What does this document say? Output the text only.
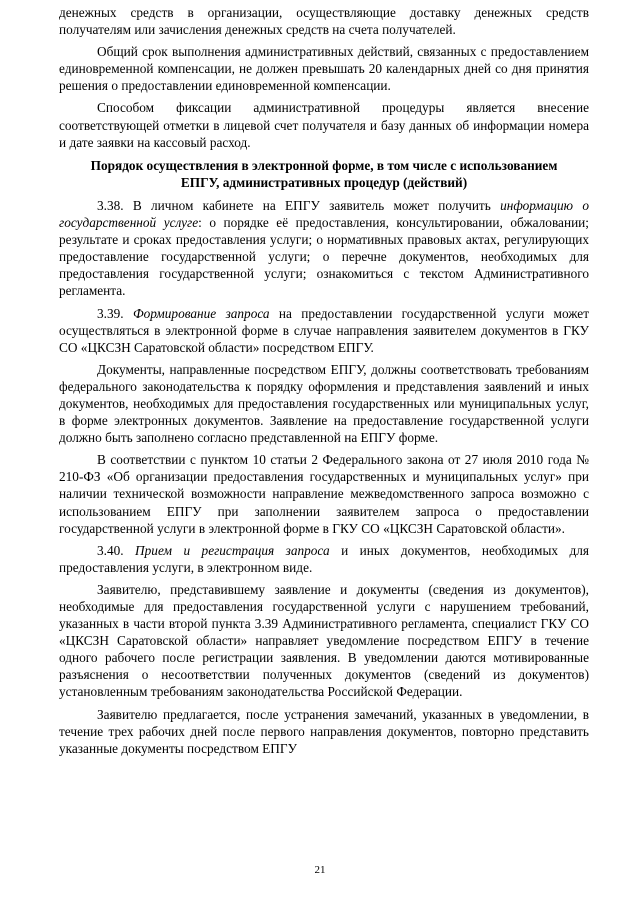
денежных средств в организации, осуществляющие доставку денежных средств получателям или зачисления денежных средств на счета получателей.

Общий срок выполнения административных действий, связанных с предоставлением единовременной компенсации, не должен превышать 20 календарных дней со дня принятия решения о предоставлении единовременной компенсации.

Способом фиксации административной процедуры является внесение соответствующей отметки в лицевой счет получателя и базу данных об информации номера и дате заявки на кассовый расход.

Порядок осуществления в электронной форме, в том числе с использованием
ЕПГУ, административных процедур (действий)

3.38. В личном кабинете на ЕПГУ заявитель может получить информацию о государственной услуге: о порядке её предоставления, консультировании, обжаловании; результате и сроках предоставления услуги; о нормативных правовых актах, регулирующих предоставление государственной услуги; о перечне документов, необходимых для предоставления государственной услуги; ознакомиться с текстом Административного регламента.

3.39. Формирование запроса на предоставлении государственной услуги может осуществляться в электронной форме в случае направления заявителем документов в ГКУ СО «ЦКСЗН Саратовской области» посредством ЕПГУ.

Документы, направленные посредством ЕПГУ, должны соответствовать требованиям федерального законодательства к порядку оформления и представления заявлений и иных документов, необходимых для предоставления государственных или муниципальных услуг, в форме электронных документов. Заявление на предоставление государственной услуги должно быть заполнено согласно представленной на ЕПГУ форме.

В соответствии с пунктом 10 статьи 2 Федерального закона от 27 июля 2010 года № 210-ФЗ «Об организации предоставления государственных и муниципальных услуг» при наличии технической возможности направление межведомственного запроса возможно с использованием ЕПГУ при заполнении заявителем запроса о предоставлении государственной услуги в электронной форме в ГКУ СО «ЦКСЗН Саратовской области».

3.40. Прием и регистрация запроса и иных документов, необходимых для предоставления услуги, в электронном виде.

Заявителю, представившему заявление и документы (сведения из документов), необходимые для предоставления государственной услуги с нарушением требований, указанных в части второй пункта 3.39 Административного регламента, специалист ГКУ СО «ЦКСЗН Саратовской области» направляет уведомление посредством ЕПГУ в течение одного рабочего после регистрации заявления. В уведомлении даются мотивированные разъяснения о несоответствии полученных документов (сведений из документов) установленным требованиям законодательства Российской Федерации.

Заявителю предлагается, после устранения замечаний, указанных в уведомлении, в течение трех рабочих дней после первого направления документов, повторно представить указанные документы посредством ЕПГУ

21
